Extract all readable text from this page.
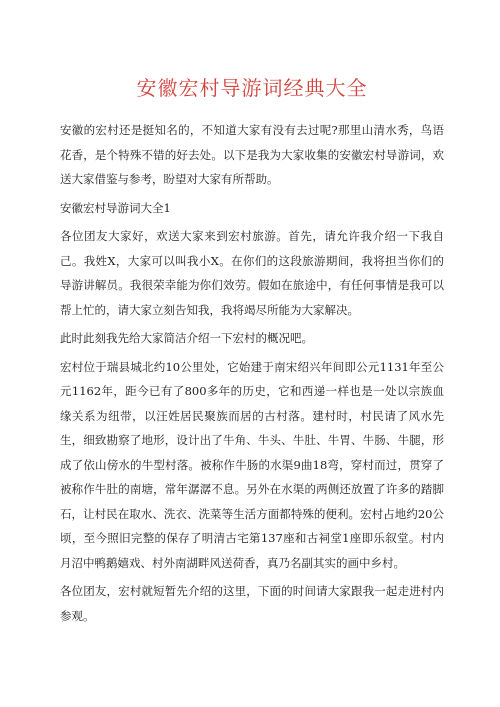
安徽宏村导游词经典大全

安徽的宏村还是挺知名的，不知道大家有没有去过呢?那里山清水秀，鸟语花香，是个特殊不错的好去处。以下是我为大家收集的安徽宏村导游词，欢送大家借鉴与参考，盼望对大家有所帮助。

安徽宏村导游词大全1

各位团友大家好，欢送大家来到宏村旅游。首先，请允许我介绍一下我自己。我姓X，大家可以叫我小X。在你们的这段旅游期间，我将担当你们的导游讲解员。我很荣幸能为你们效劳。假如在旅途中，有任何事情是我可以帮上忙的，请大家立刻告知我，我将竭尽所能为大家解决。

此时此刻我先给大家简洁介绍一下宏村的概况吧。

宏村位于瑞县城北约10公里处，它始建于南宋绍兴年间即公元1131年至公元1162年，距今已有了800多年的历史，它和西递一样也是一处以宗族血缘关系为纽带，以汪姓居民聚族而居的古村落。建村时，村民请了风水先生，细致勘察了地形，设计出了牛角、牛头、牛肚、牛胃、牛肠、牛腿，形成了依山傍水的牛型村落。被称作牛肠的水渠9曲18弯，穿村而过，贯穿了被称作牛肚的南塘，常年潺潺不息。另外在水渠的两侧还放置了许多的踏脚石，让村民在取水、洗衣、洗菜等生活方面都特殊的便利。宏村占地约20公顷，至今照旧完整的保存了明清古宅第137座和古祠堂1座即乐叙堂。村内月沼中鸭鹅嬉戏、村外南湖畔风送荷香，真乃名副其实的画中乡村。

各位团友，宏村就短暂先介绍的这里，下面的时间请大家跟我一起走进村内参观。
